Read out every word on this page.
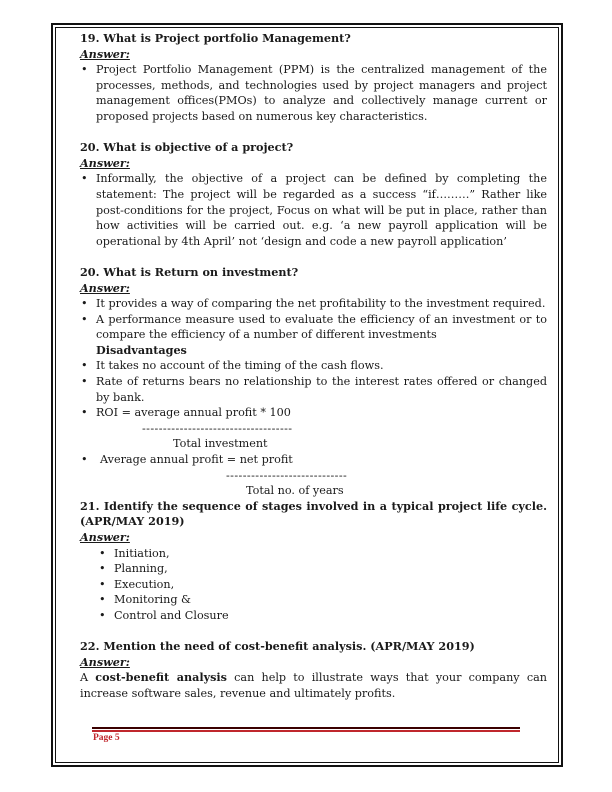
19. What is Project portfolio Management?

Answer:

• Project Portfolio Management (PPM) is the centralized management of the processes, methods, and technologies used by project managers and project management offices(PMOs) to analyze and collectively manage current or proposed projects based on numerous key characteristics.

20. What is objective of a project?

Answer:

• Informally, the objective of a project can be defined by completing the statement: The project will be regarded as a success “if………” Rather like post-conditions for the project, Focus on what will be put in place, rather than how activities will be carried out. e.g. ‘a new payroll application will be operational by 4th April’ not ‘design and code a new payroll application’

20. What is Return on investment?

Answer:

• It provides a way of comparing the net profitability to the investment required.
• A performance measure used to evaluate the efficiency of an investment or to compare the efficiency of a number of different investments

Disadvantages

• It takes no account of the timing of the cash flows.
• Rate of returns bears no relationship to the interest rates offered or changed by bank.
• ROI = average annual profit * 100

------------------------------------

Total investment

• Average annual profit = net profit

-----------------------------

Total no. of years

21. Identify the sequence of stages involved in a typical project life cycle. (APR/MAY 2019)

Answer:

• Initiation,
• Planning,
• Execution,
• Monitoring &
• Control and Closure

22. Mention the need of cost-benefit analysis. (APR/MAY 2019)

Answer:

A cost-benefit analysis can help to illustrate ways that your company can increase software sales, revenue and ultimately profits.

Page 5
